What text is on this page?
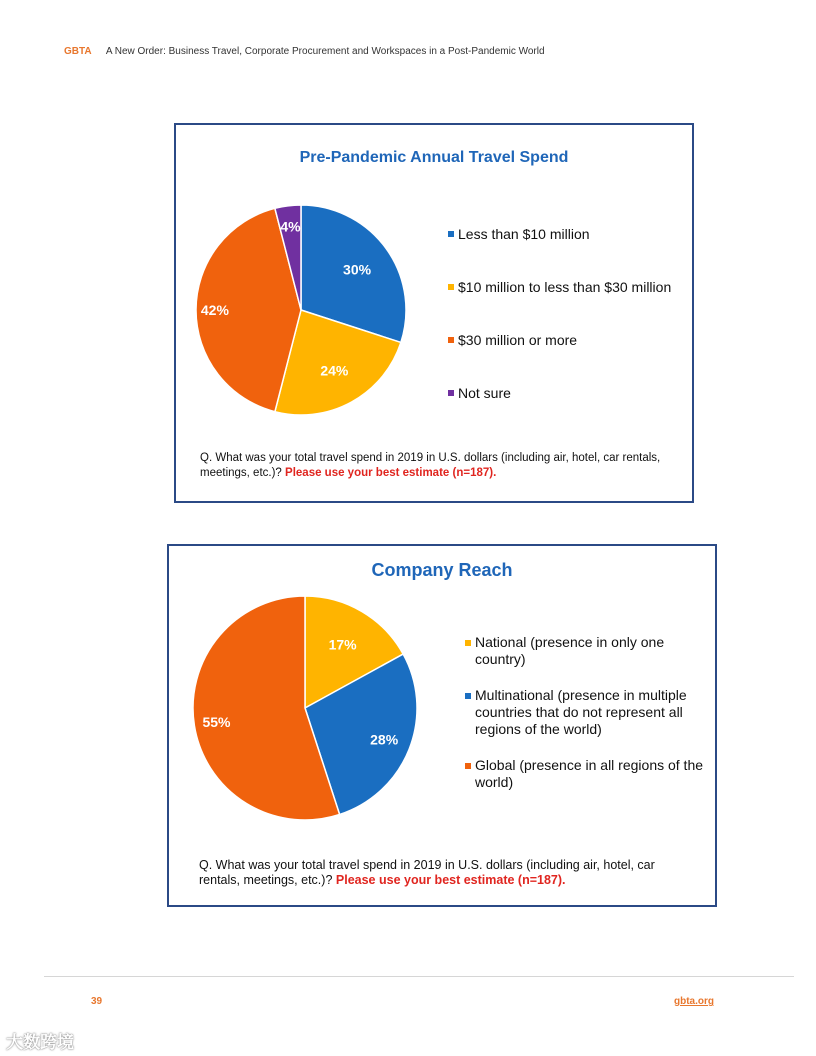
GBTA A New Order: Business Travel, Corporate Procurement and Workspaces in a Post-Pandemic World
Pre-Pandemic Annual Travel Spend
30%
24%
42%
4%	Less than $10 million
$10 million to less than $30 million
$30 million or more
Not sure
Q. What was your total travel spend in 2019 in U.S. dollars (including air, hotel, car rentals, meetings, etc.)? Please use your best estimate (n=187).
Company Reach
17%
28%
55%
National (presence in only one country)
Multinational (presence in multiple countries that do not represent all regions of the world)
Global (presence in all regions of the world)
Q. What was your total travel spend in 2019 in U.S. dollars (including air, hotel, car rentals, meetings, etc.)? Please use your best estimate (n=187).
39	gbta.org
大数跨境
